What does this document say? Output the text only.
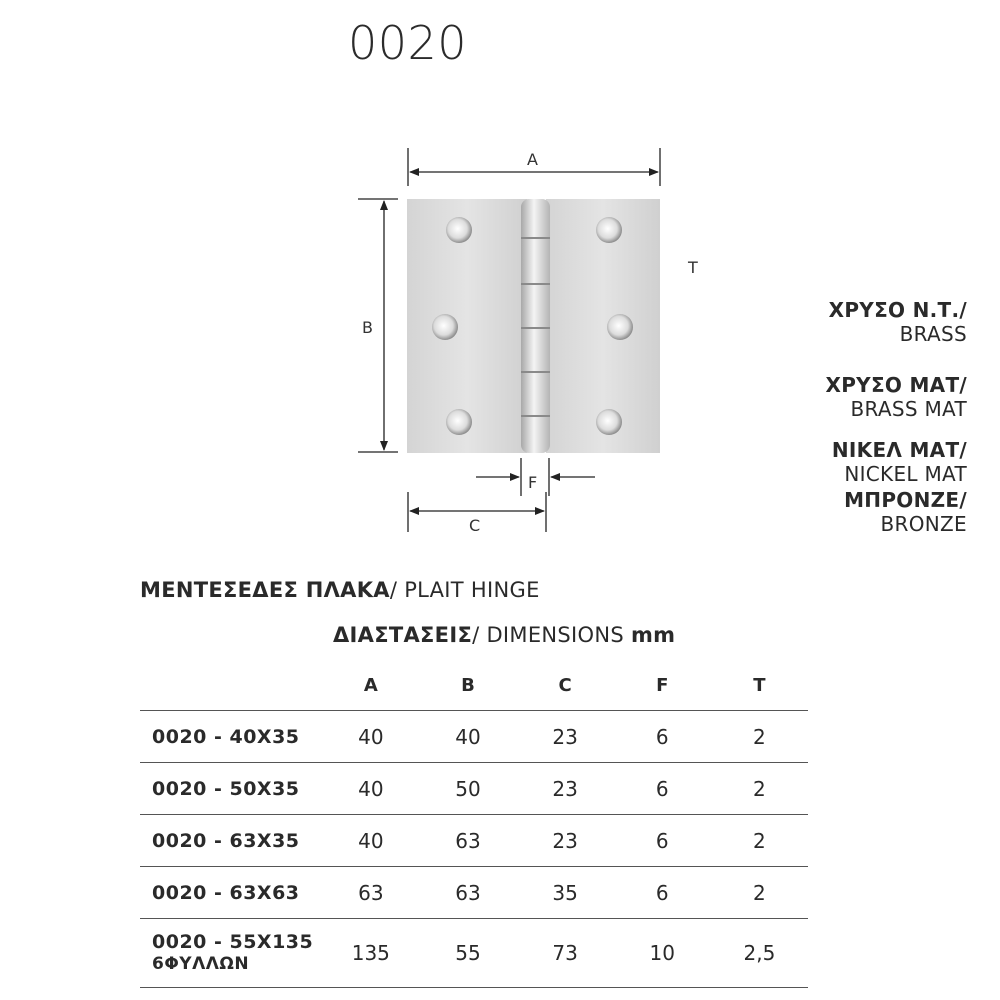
0020
A
T
B
F
C
ΧΡΥΣΟ Ν.Τ./
BRASS
ΧΡΥΣΟ ΜΑΤ/
BRASS MAT
ΝΙΚΕΛ ΜΑΤ/
NICKEL MAT
ΜΠΡΟΝΖΕ/
BRONZE
ΜΕΝΤΕΣΕΔΕΣ ΠΛΑΚΑ/ PLAIT HINGE
ΔΙΑΣΤΑΣΕΙΣ/ DIMENSIONS mm
	A	B	C	F	T
0020 - 40X35	40	40	23	6	2
0020 - 50X35	40	50	23	6	2
0020 - 63X35	40	63	23	6	2
0020 - 63X63	63	63	35	6	2
0020 - 55X135
6ΦΥΛΛΩΝ	135	55	73	10	2,5
